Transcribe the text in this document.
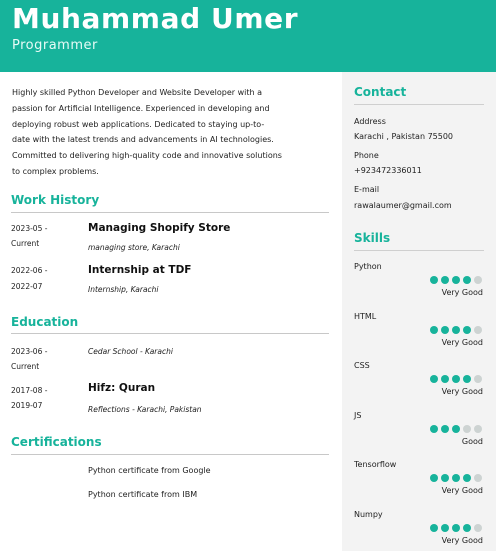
Muhammad Umer
Programmer
Highly skilled Python Developer and Website Developer with a
passion for Artificial Intelligence. Experienced in developing and
deploying robust web applications. Dedicated to staying up-to-
date with the latest trends and advancements in AI technologies.
Committed to delivering high-quality code and innovative solutions
to complex problems.
Work History
2023-05 -
Current
Managing Shopify Store
managing store, Karachi
2022-06 -
2022-07
Internship at TDF
Internship, Karachi
Education
2023-06 -
Current
Cedar School - Karachi
2017-08 -
2019-07
Hifz: Quran
Reflections - Karachi, Pakistan
Certifications
Python certificate from Google
Python certificate from IBM
Contact
Address
Karachi , Pakistan 75500
Phone
+923472336011
E-mail
rawalaumer@gmail.com
Skills
Python
Very Good
HTML
Very Good
CSS
Very Good
JS
Good
Tensorflow
Very Good
Numpy
Very Good
